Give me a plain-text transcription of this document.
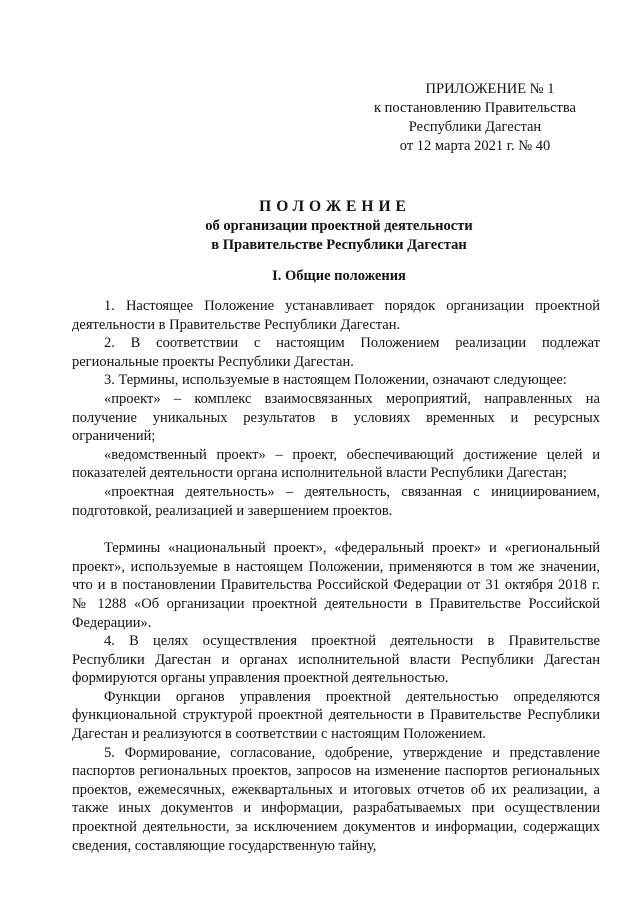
ПРИЛОЖЕНИЕ № 1
к постановлению Правительства
Республики Дагестан
от 12 марта 2021 г. № 40
ПОЛОЖЕНИЕ
об организации проектной деятельности
в Правительстве Республики Дагестан
I. Общие положения

1. Настоящее Положение устанавливает порядок организации проектной деятельности в Правительстве Республики Дагестан.

2. В соответствии с настоящим Положением реализации подлежат региональные проекты Республики Дагестан.

3. Термины, используемые в настоящем Положении, означают следующее:

«проект» – комплекс взаимосвязанных мероприятий, направленных на получение уникальных результатов в условиях временных и ресурсных ограничений;

«ведомственный проект» – проект, обеспечивающий достижение целей и показателей деятельности органа исполнительной власти Республики Дагестан;

«проектная деятельность» – деятельность, связанная с инициированием, подготовкой, реализацией и завершением проектов.

Термины «национальный проект», «федеральный проект» и «региональный проект», используемые в настоящем Положении, применяются в том же значении, что и в постановлении Правительства Российской Федерации от 31 октября 2018 г. № 1288 «Об организации проектной деятельности в Правительстве Российской Федерации».

4. В целях осуществления проектной деятельности в Правительстве Республики Дагестан и органах исполнительной власти Республики Дагестан формируются органы управления проектной деятельностью.

Функции органов управления проектной деятельностью определяются функциональной структурой проектной деятельности в Правительстве Республики Дагестан и реализуются в соответствии с настоящим Положением.

5. Формирование, согласование, одобрение, утверждение и представление паспортов региональных проектов, запросов на изменение паспортов региональных проектов, ежемесячных, ежеквартальных и итоговых отчетов об их реализации, а также иных документов и информации, разрабатываемых при осуществлении проектной деятельности, за исключением документов и информации, содержащих сведения, составляющие государственную тайну,
